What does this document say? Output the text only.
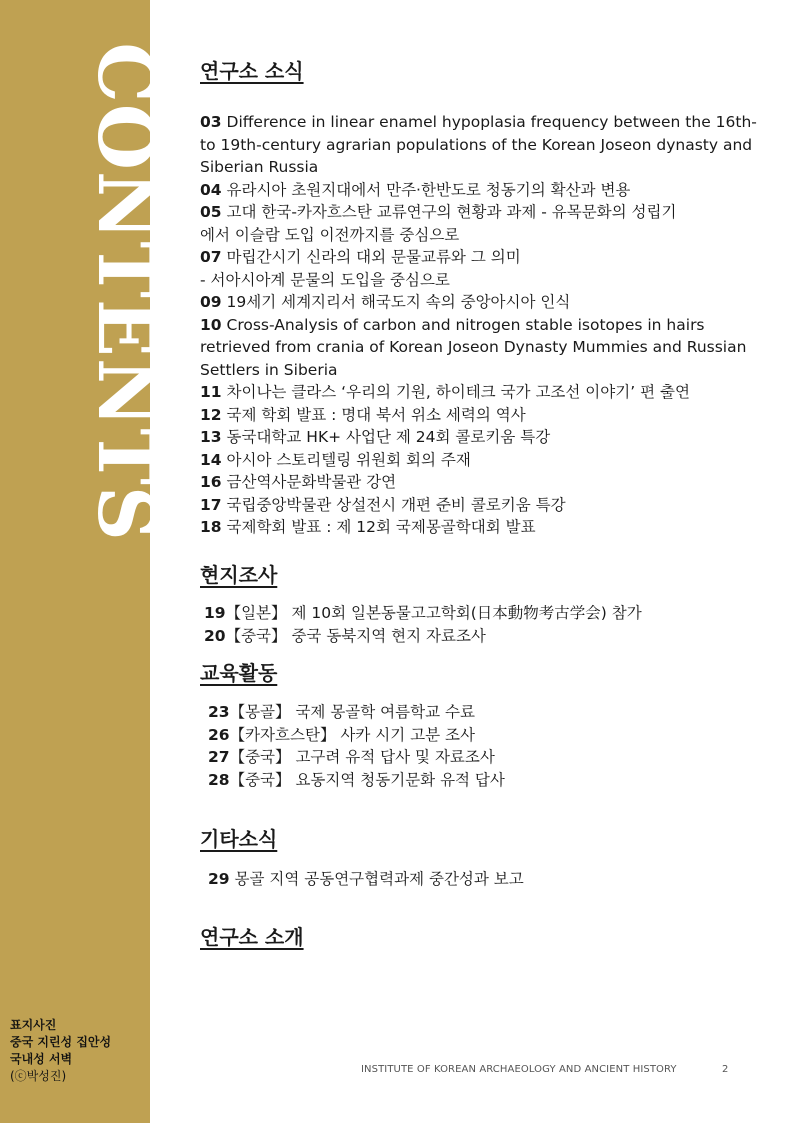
CONTENTS
표지사진
중국 지린성 집안성
국내성 서벽
(ⓒ박성진)
연구소 소식
03 Difference in linear enamel hypoplasia frequency between the 16th-to 19th-century agrarian populations of the Korean Joseon dynasty and Siberian Russia
04 유라시아 초원지대에서 만주·한반도로 청동기의 확산과 변용
05 고대 한국-카자흐스탄 교류연구의 현황과 과제 - 유목문화의 성립기에서 이슬람 도입 이전까지를 중심으로
07 마립간시기 신라의 대외 문물교류와 그 의미
- 서아시아계 문물의 도입을 중심으로
09 19세기 세계지리서 해국도지 속의 중앙아시아 인식
10 Cross-Analysis of carbon and nitrogen stable isotopes in hairs retrieved from crania of Korean Joseon Dynasty Mummies and Russian Settlers in Siberia
11 차이나는 클라스 ‘우리의 기원, 하이테크 국가 고조선 이야기’ 편 출연
12 국제 학회 발표 : 명대 북서 위소 세력의 역사
13 동국대학교 HK+ 사업단 제 24회 콜로키움 특강
14 아시아 스토리텔링 위원회 회의 주재
16 금산역사문화박물관 강연
17 국립중앙박물관 상설전시 개편 준비 콜로키움 특강
18 국제학회 발표 : 제 12회 국제몽골학대회 발표
현지조사
19【일본】 제 10회 일본동물고고학회(日本動物考古学会) 참가
20【중국】 중국 동북지역 현지 자료조사
교육활동
23【몽골】 국제 몽골학 여름학교 수료
26【카자흐스탄】 사카 시기 고분 조사
27【중국】 고구려 유적 답사 및 자료조사
28【중국】 요동지역 청동기문화 유적 답사
기타소식
29 몽골 지역 공동연구협력과제 중간성과 보고
연구소 소개
INSTITUTE OF KOREAN ARCHAEOLOGY AND ANCIENT HISTORY	2
